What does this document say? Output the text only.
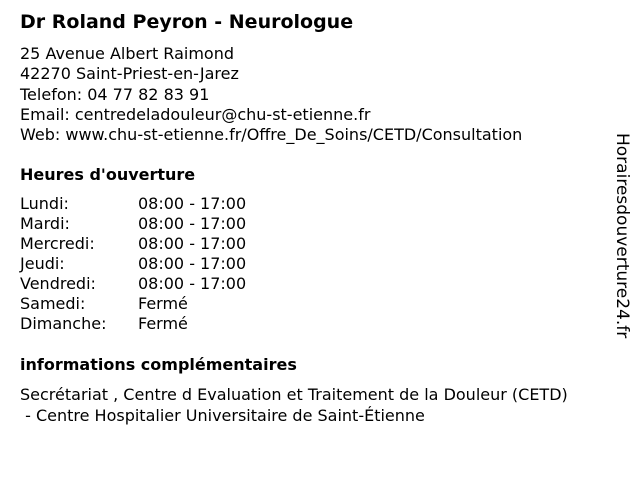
Dr Roland Peyron - Neurologue
25 Avenue Albert Raimond
42270 Saint-Priest-en-Jarez
Telefon: 04 77 82 83 91
Email: centredeladouleur@chu-st-etienne.fr
Web: www.chu-st-etienne.fr/Offre_De_Soins/CETD/Consultation
Heures d'ouverture
Lundi:	08:00 - 17:00
Mardi:	08:00 - 17:00
Mercredi:	08:00 - 17:00
Jeudi:	08:00 - 17:00
Vendredi:	08:00 - 17:00
Samedi:	Fermé
Dimanche: Fermé
informations complémentaires
Secrétariat , Centre d Evaluation et Traitement de la Douleur (CETD)
- Centre Hospitalier Universitaire de Saint-Étienne
Horairesdouverture24.fr
